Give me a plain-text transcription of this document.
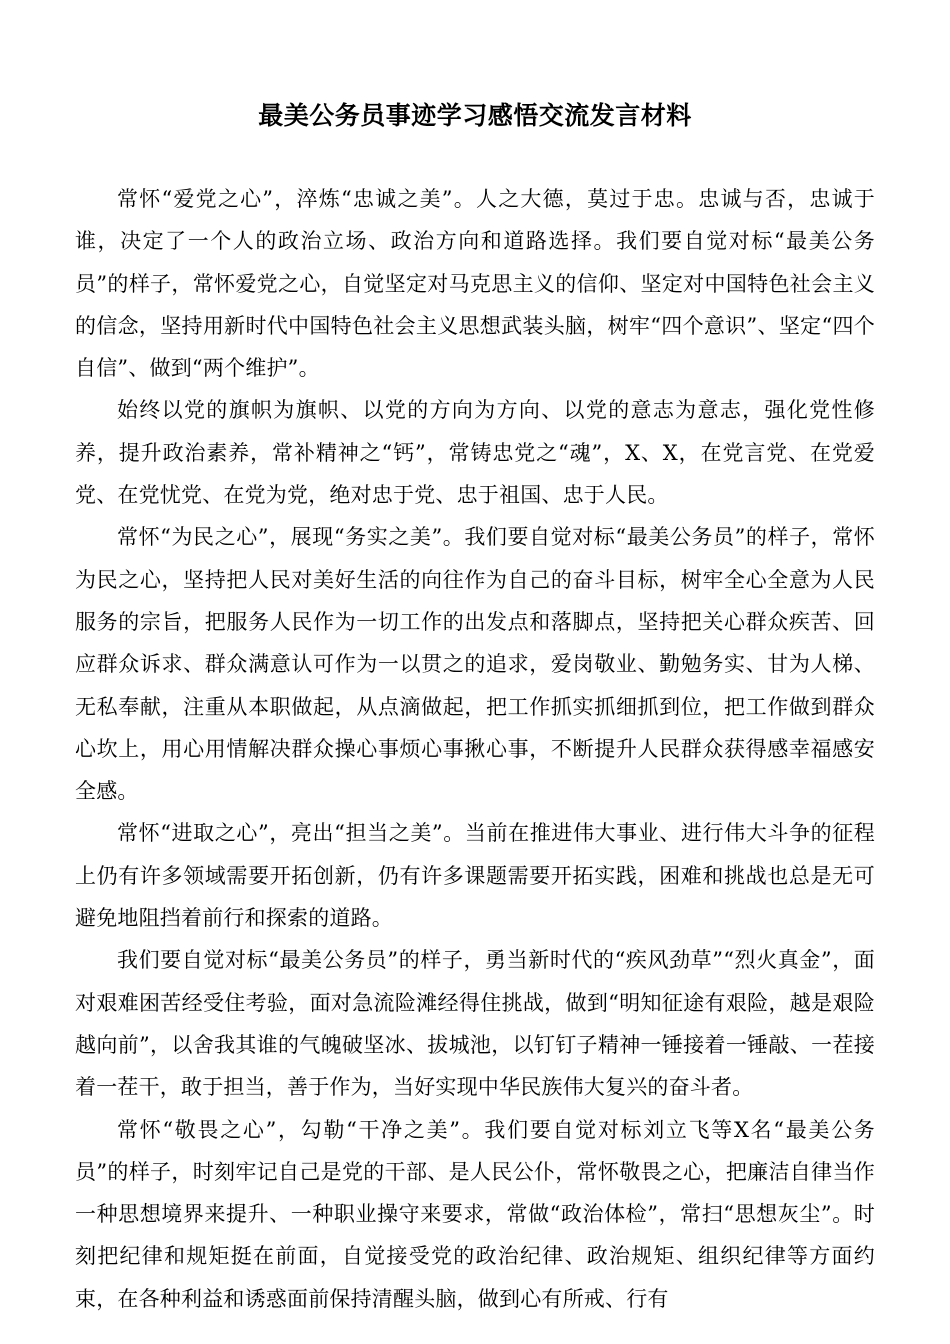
最美公务员事迹学习感悟交流发言材料

常怀“爱党之心”，淬炼“忠诚之美”。人之大德，莫过于忠。忠诚与否，忠诚于谁，决定了一个人的政治立场、政治方向和道路选择。我们要自觉对标“最美公务员”的样子，常怀爱党之心，自觉坚定对马克思主义的信仰、坚定对中国特色社会主义的信念，坚持用新时代中国特色社会主义思想武装头脑，树牢“四个意识”、坚定“四个自信”、做到“两个维护”。

始终以党的旗帜为旗帜、以党的方向为方向、以党的意志为意志，强化党性修养，提升政治素养，常补精神之“钙”，常铸忠党之“魂”，X、X，在党言党、在党爱党、在党忧党、在党为党，绝对忠于党、忠于祖国、忠于人民。

常怀“为民之心”，展现“务实之美”。我们要自觉对标“最美公务员”的样子，常怀为民之心，坚持把人民对美好生活的向往作为自己的奋斗目标，树牢全心全意为人民服务的宗旨，把服务人民作为一切工作的出发点和落脚点，坚持把关心群众疾苦、回应群众诉求、群众满意认可作为一以贯之的追求，爱岗敬业、勤勉务实、甘为人梯、无私奉献，注重从本职做起，从点滴做起，把工作抓实抓细抓到位，把工作做到群众心坎上，用心用情解决群众操心事烦心事揪心事，不断提升人民群众获得感幸福感安全感。

常怀“进取之心”，亮出“担当之美”。当前在推进伟大事业、进行伟大斗争的征程上仍有许多领域需要开拓创新，仍有许多课题需要开拓实践，困难和挑战也总是无可避免地阻挡着前行和探索的道路。

我们要自觉对标“最美公务员”的样子，勇当新时代的“疾风劲草”“烈火真金”，面对艰难困苦经受住考验，面对急流险滩经得住挑战，做到“明知征途有艰险，越是艰险越向前”，以舍我其谁的气魄破坚冰、拔城池，以钉钉子精神一锤接着一锤敲、一茬接着一茬干，敢于担当，善于作为，当好实现中华民族伟大复兴的奋斗者。

常怀“敬畏之心”，勾勒“干净之美”。我们要自觉对标刘立飞等X名“最美公务员”的样子，时刻牢记自己是党的干部、是人民公仆，常怀敬畏之心，把廉洁自律当作一种思想境界来提升、一种职业操守来要求，常做“政治体检”，常扫“思想灰尘”。时刻把纪律和规矩挺在前面，自觉接受党的政治纪律、政治规矩、组织纪律等方面约束，在各种利益和诱惑面前保持清醒头脑，做到心有所戒、行有
